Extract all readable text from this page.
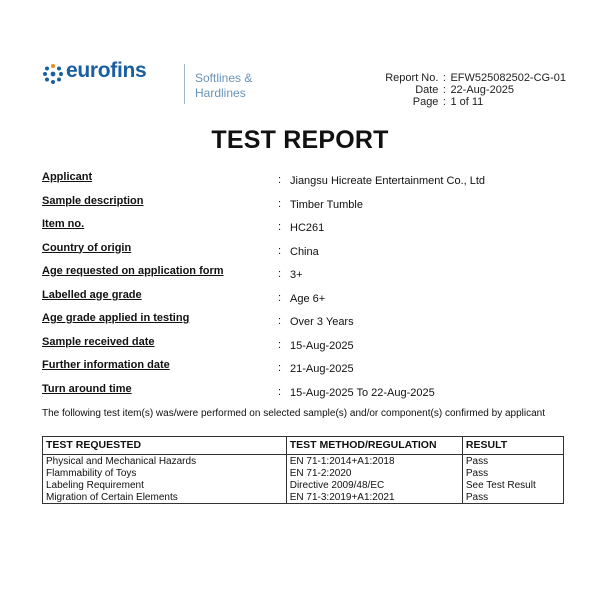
eurofins	Softlines &
Hardlines
Report No. : EFW525082502-CG-01
Date : 22-Aug-2025
Page : 1 of 11
TEST REPORT
Applicant	: Jiangsu Hicreate Entertainment Co., Ltd
Sample description	: Timber Tumble
Item no.	: HC261
Country of origin	: China
Age requested on application form	: 3+
Labelled age grade	: Age 6+
Age grade applied in testing	: Over 3 Years
Sample received date	: 15-Aug-2025
Further information date	: 21-Aug-2025
Turn around time	: 15-Aug-2025 To 22-Aug-2025
The following test item(s) was/were performed on selected sample(s) and/or component(s) confirmed by applicant
TEST REQUESTED	TEST METHOD/REGULATION	RESULT
Physical and Mechanical Hazards	EN 71-1:2014+A1:2018	Pass
Flammability of Toys	EN 71-2:2020	Pass
Labeling Requirement	Directive 2009/48/EC	See Test Result
Migration of Certain Elements	EN 71-3:2019+A1:2021	Pass
